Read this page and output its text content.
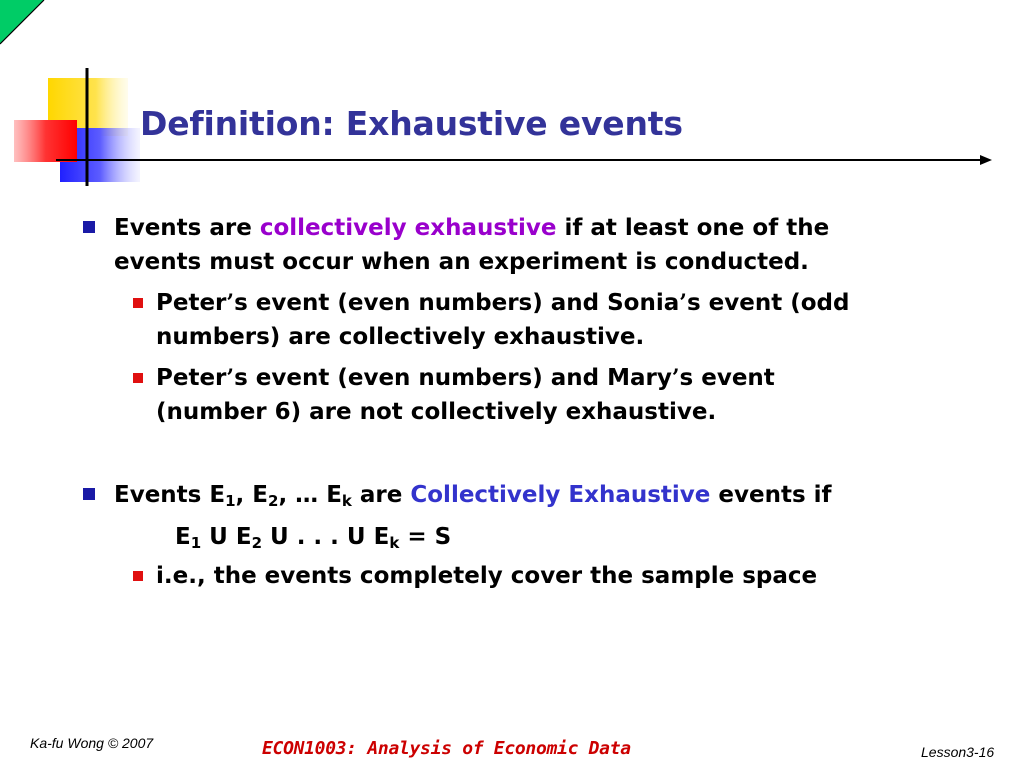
Definition: Exhaustive events
Events are collectively exhaustive if at least one of the
events must occur when an experiment is conducted.
Peter’s event (even numbers) and Sonia’s event (odd
numbers) are collectively exhaustive.
Peter’s event (even numbers) and Mary’s event
(number 6) are not collectively exhaustive.
Events $E_1$, $E_2$, … $E_k$ are Collectively Exhaustive events if
$E_1$ U $E_2$ U . . . U $E_k = S$
i.e., the events completely cover the sample space
Ka-fu Wong © 2007	ECON1003: Analysis of Economic Data	Lesson3-16
